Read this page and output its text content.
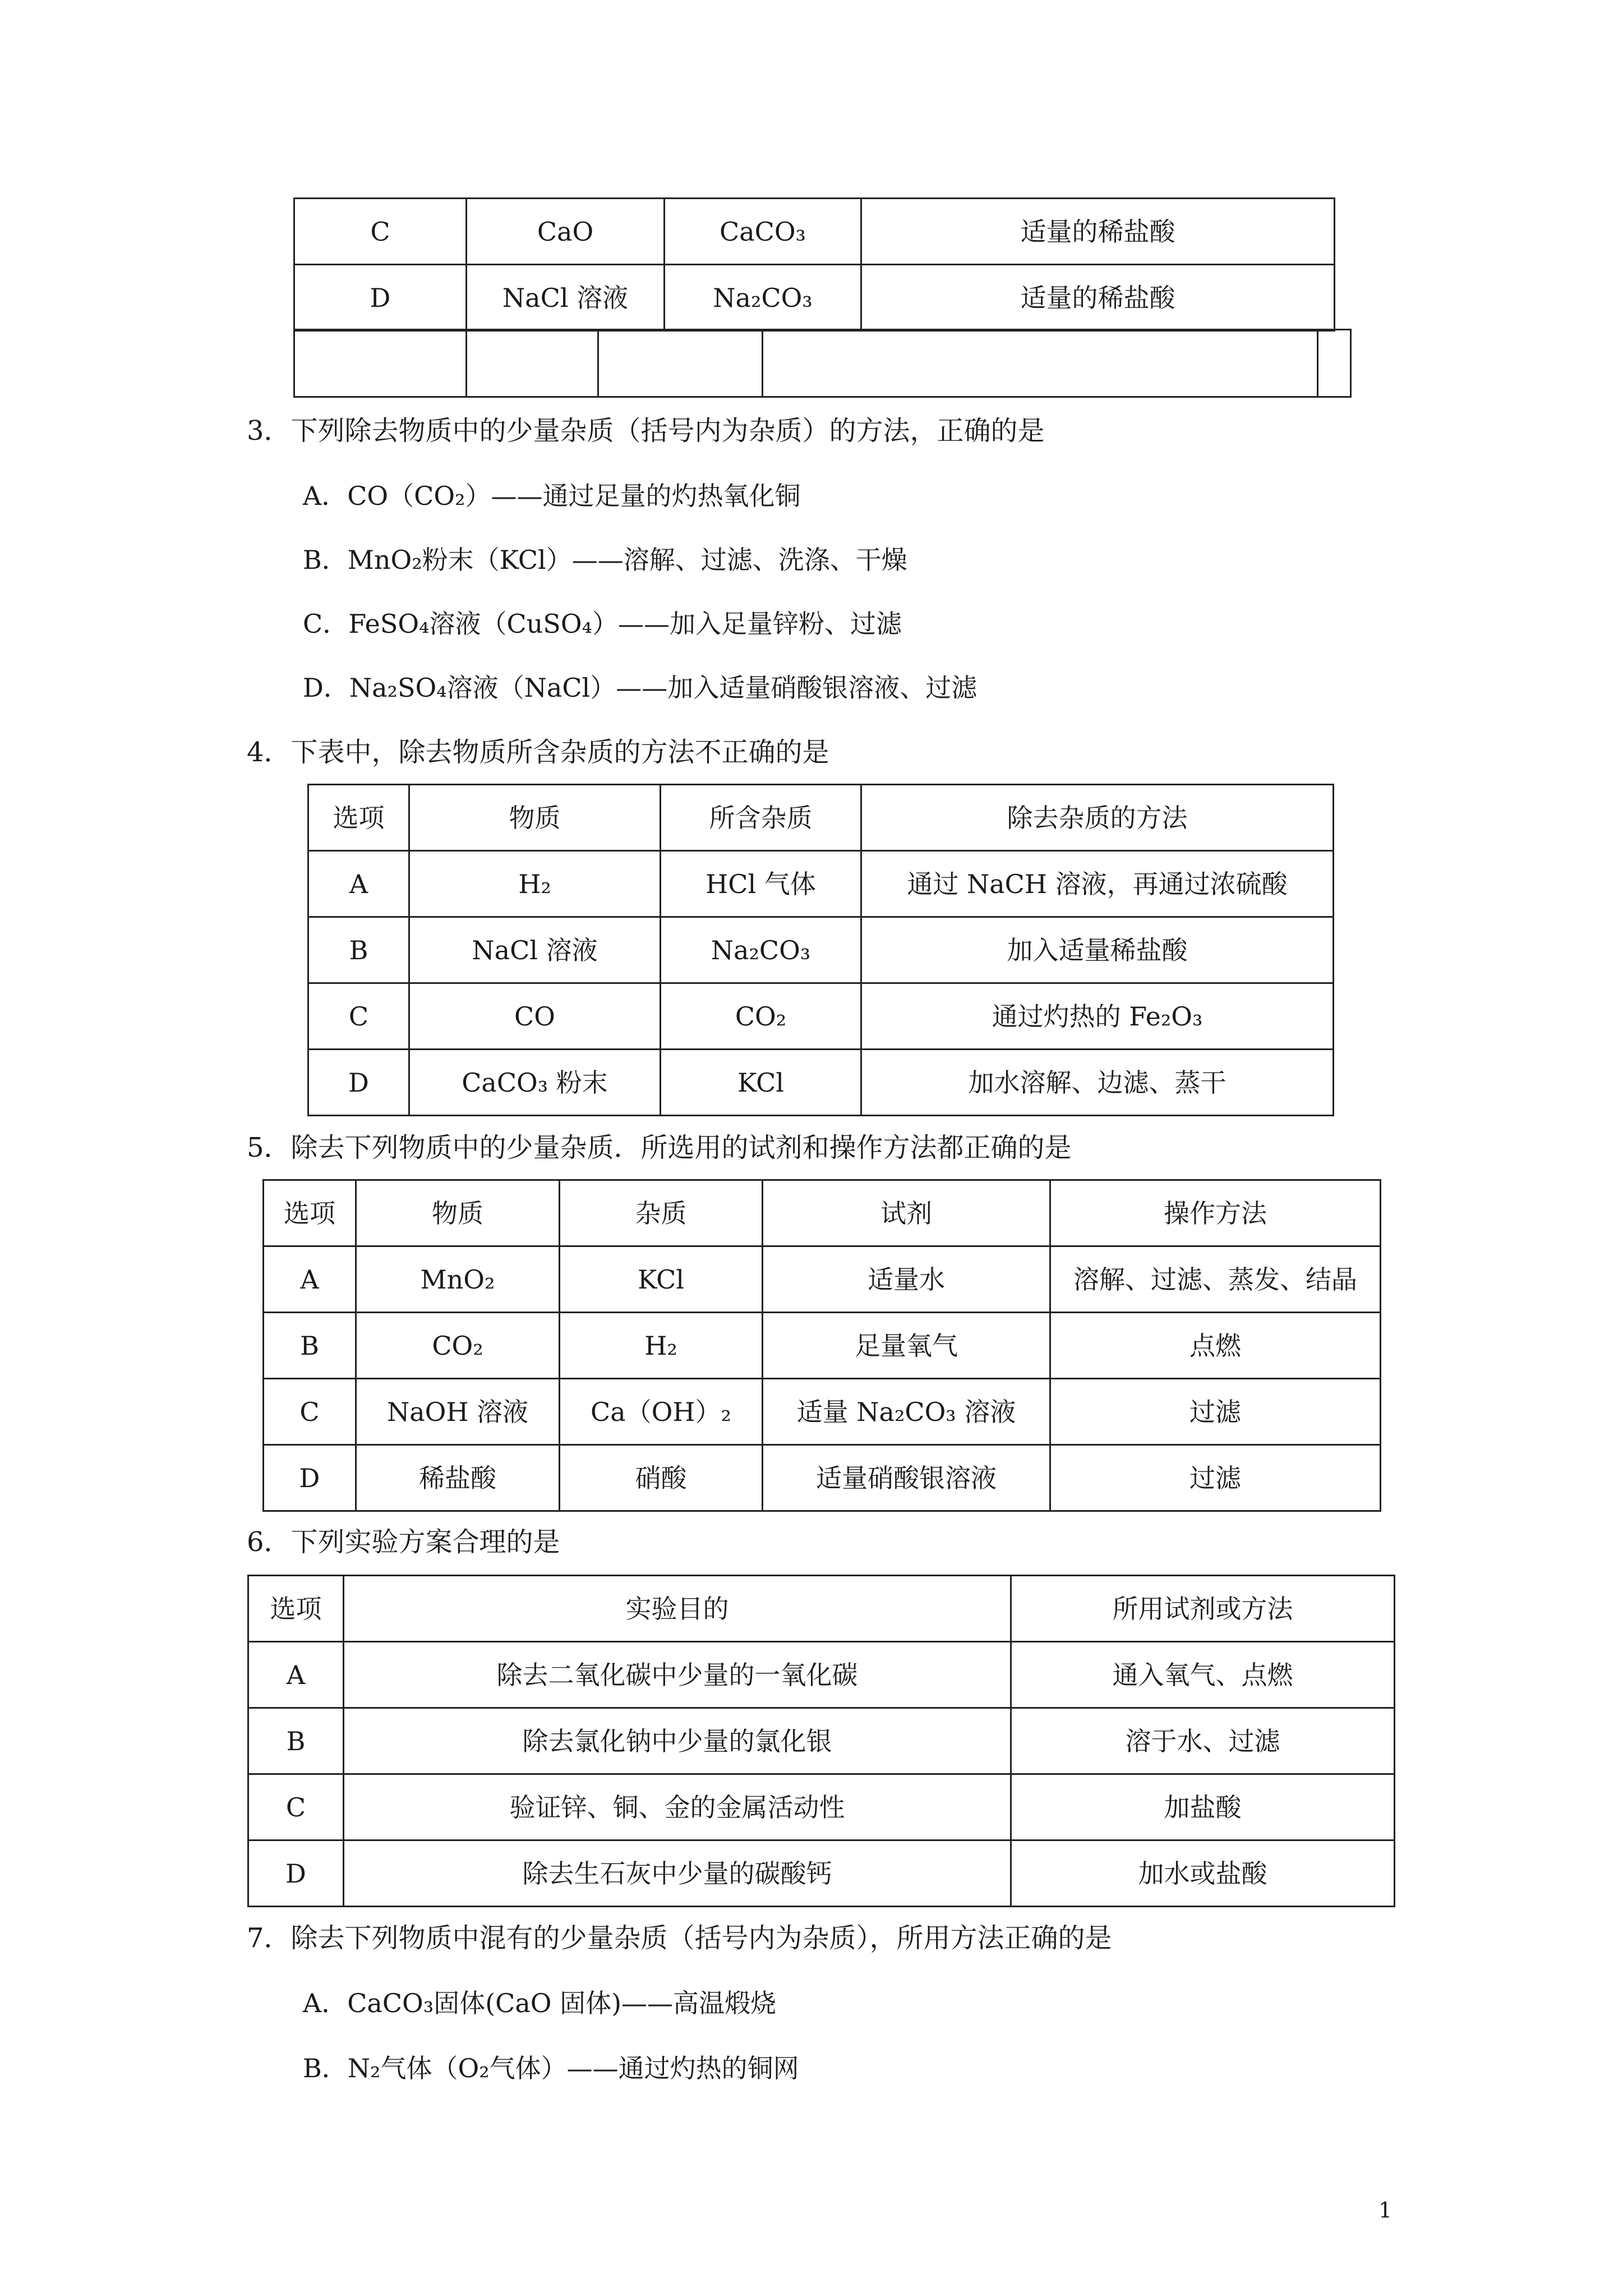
C	CaO	CaCO₃	适量的稀盐酸
D	NaCl 溶液	Na₂CO₃	适量的稀盐酸

3．下列除去物质中的少量杂质（括号内为杂质）的方法，正确的是
A．CO（CO₂）——通过足量的灼热氧化铜
B．MnO₂粉末（KCl）——溶解、过滤、洗涤、干燥
C．FeSO₄溶液（CuSO₄）——加入足量锌粉、过滤
D．Na₂SO₄溶液（NaCl）——加入适量硝酸银溶液、过滤
4．下表中，除去物质所含杂质的方法不正确的是
选项	物质	所含杂质	除去杂质的方法
A	H₂	HCl 气体	通过 NaCH 溶液，再通过浓硫酸
B	NaCl 溶液	Na₂CO₃	加入适量稀盐酸
C	CO	CO₂	通过灼热的 Fe₂O₃
D	CaCO₃ 粉末	KCl	加水溶解、边滤、蒸干
5．除去下列物质中的少量杂质．所选用的试剂和操作方法都正确的是
选项	物质	杂质	试剂	操作方法
A	MnO₂	KCl	适量水	溶解、过滤、蒸发、结晶
B	CO₂	H₂	足量氧气	点燃
C	NaOH 溶液	Ca（OH）₂	适量 Na₂CO₃ 溶液	过滤
D	稀盐酸	硝酸	适量硝酸银溶液	过滤
6．下列实验方案合理的是
选项	实验目的	所用试剂或方法
A	除去二氧化碳中少量的一氧化碳	通入氧气、点燃
B	除去氯化钠中少量的氯化银	溶于水、过滤
C	验证锌、铜、金的金属活动性	加盐酸
D	除去生石灰中少量的碳酸钙	加水或盐酸
7．除去下列物质中混有的少量杂质（括号内为杂质），所用方法正确的是
A．CaCO₃固体(CaO 固体)——高温煅烧
B．N₂气体（O₂气体）——通过灼热的铜网
1
